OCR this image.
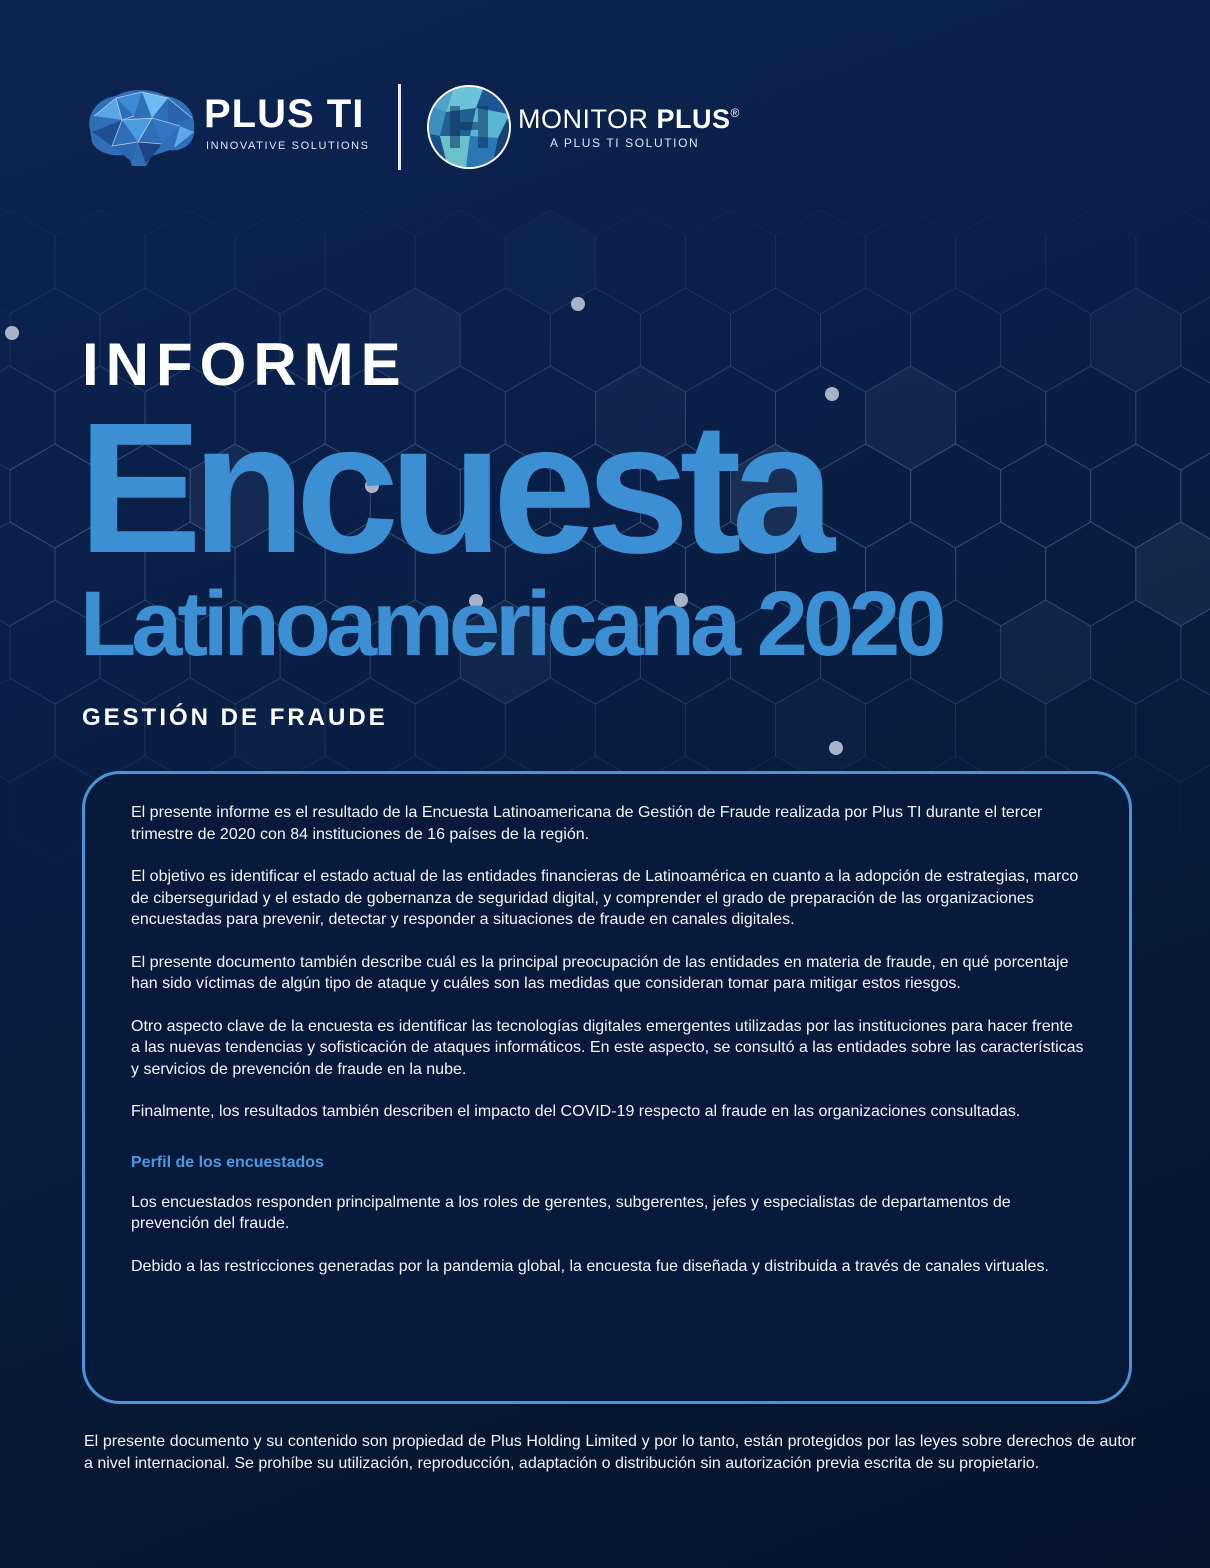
PLUS TI
INNOVATIVE SOLUTIONS
MONITOR PLUS®
A PLUS TI SOLUTION
INFORME
Encuesta
Latinoamericana 2020
GESTIÓN DE FRAUDE

El presente informe es el resultado de la Encuesta Latinoamericana de Gestión de Fraude realizada por Plus TI durante el tercer trimestre de 2020 con 84 instituciones de 16 países de la región.

El objetivo es identificar el estado actual de las entidades financieras de Latinoamérica en cuanto a la adopción de estrategias, marco de ciberseguridad y el estado de gobernanza de seguridad digital, y comprender el grado de preparación de las organizaciones encuestadas para prevenir, detectar y responder a situaciones de fraude en canales digitales.

El presente documento también describe cuál es la principal preocupación de las entidades en materia de fraude, en qué porcentaje han sido víctimas de algún tipo de ataque y cuáles son las medidas que consideran tomar para mitigar estos riesgos.

Otro aspecto clave de la encuesta es identificar las tecnologías digitales emergentes utilizadas por las instituciones para hacer frente a las nuevas tendencias y sofisticación de ataques informáticos. En este aspecto, se consultó a las entidades sobre las características y servicios de prevención de fraude en la nube.

Finalmente, los resultados también describen el impacto del COVID-19 respecto al fraude en las organizaciones consultadas.

Perfil de los encuestados

Los encuestados responden principalmente a los roles de gerentes, subgerentes, jefes y especialistas de departamentos de prevención del fraude.

Debido a las restricciones generadas por la pandemia global, la encuesta fue diseñada y distribuida a través de canales virtuales.

El presente documento y su contenido son propiedad de Plus Holding Limited y por lo tanto, están protegidos por las leyes sobre derechos de autor a nivel internacional. Se prohíbe su utilización, reproducción, adaptación o distribución sin autorización previa escrita de su propietario.
